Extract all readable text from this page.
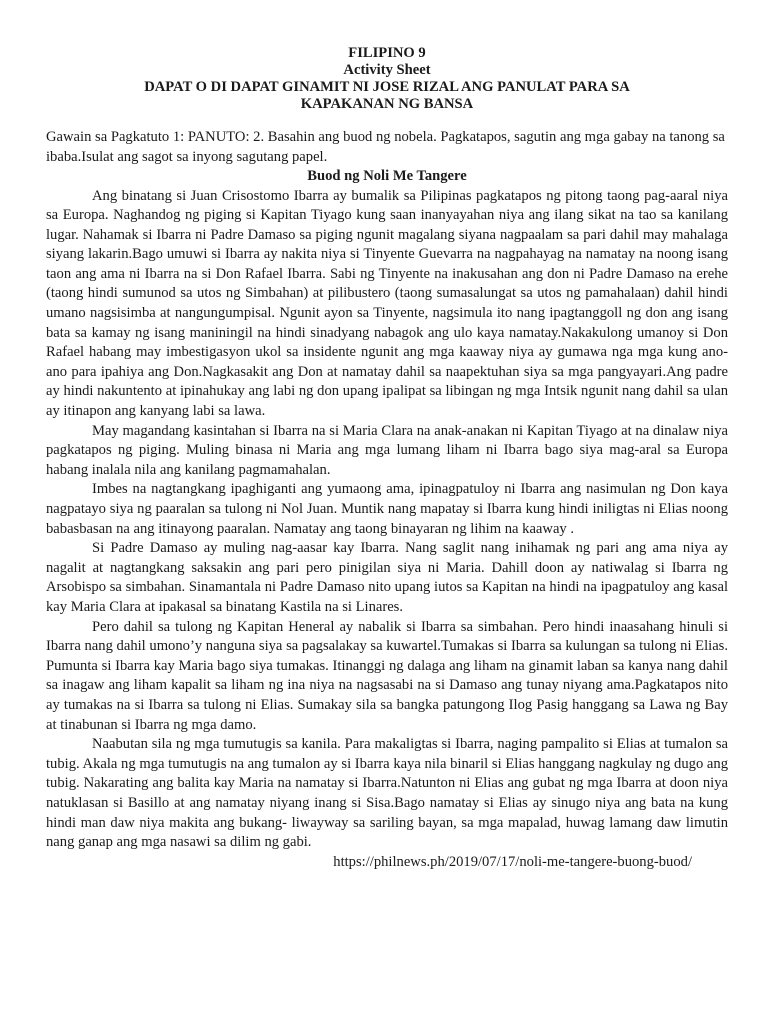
FILIPINO 9
Activity Sheet
DAPAT O DI DAPAT GINAMIT NI JOSE RIZAL ANG PANULAT PARA SA KAPAKANAN NG BANSA
Gawain sa Pagkatuto 1: PANUTO: 2. Basahin ang buod ng nobela. Pagkatapos, sagutin ang mga gabay na tanong sa ibaba.Isulat ang sagot sa inyong sagutang papel.
Buod ng Noli Me Tangere

Ang binatang si Juan Crisostomo Ibarra ay bumalik sa Pilipinas pagkatapos ng pitong taong pag-aaral niya sa Europa. Naghandog ng piging si Kapitan Tiyago kung saan inanyayahan niya ang ilang sikat na tao sa kanilang lugar. Nahamak si Ibarra ni Padre Damaso sa piging ngunit magalang siyana nagpaalam sa pari dahil may mahalaga siyang lakarin.Bago umuwi si Ibarra ay nakita niya si Tinyente Guevarra na nagpahayag na namatay na noong isang taon ang ama ni Ibarra na si Don Rafael Ibarra. Sabi ng Tinyente na inakusahan ang don ni Padre Damaso na erehe (taong hindi sumunod sa utos ng Simbahan) at pilibustero (taong sumasalungat sa utos ng pamahalaan) dahil hindi umano nagsisimba at nangungumpisal. Ngunit ayon sa Tinyente, nagsimula ito nang ipagtanggoll ng don ang isang bata sa kamay ng isang maniningil na hindi sinadyang nabagok ang ulo kaya namatay.Nakakulong umanoy si Don Rafael habang may imbestigasyon ukol sa insidente ngunit ang mga kaaway niya ay gumawa nga mga kung ano- ano para ipahiya ang Don.Nagkasakit ang Don at namatay dahil sa naapektuhan siya sa mga pangyayari.Ang padre ay hindi nakuntento at ipinahukay ang labi ng don upang ipalipat sa libingan ng mga Intsik ngunit nang dahil sa ulan ay itinapon ang kanyang labi sa lawa.

May magandang kasintahan si Ibarra na si Maria Clara na anak-anakan ni Kapitan Tiyago at na dinalaw niya pagkatapos ng piging. Muling binasa ni Maria ang mga lumang liham ni Ibarra bago siya mag-aral sa Europa habang inalala nila ang kanilang pagmamahalan.

Imbes na nagtangkang ipaghiganti ang yumaong ama, ipinagpatuloy ni Ibarra ang nasimulan ng Don kaya nagpatayo siya ng paaralan sa tulong ni Nol Juan. Muntik nang mapatay si Ibarra kung hindi iniligtas ni Elias noong babasbasan na ang itinayong paaralan. Namatay ang taong binayaran ng lihim na kaaway .

Si Padre Damaso ay muling nag-aasar kay Ibarra. Nang saglit nang inihamak ng pari ang ama niya ay nagalit at nagtangkang saksakin ang pari pero pinigilan siya ni Maria. Dahill doon ay natiwalag si Ibarra ng Arsobispo sa simbahan. Sinamantala ni Padre Damaso nito upang iutos sa Kapitan na hindi na ipagpatuloy ang kasal kay Maria Clara at ipakasal sa binatang Kastila na si Linares.

Pero dahil sa tulong ng Kapitan Heneral ay nabalik si Ibarra sa simbahan. Pero hindi inaasahang hinuli si Ibarra nang dahil umono’y nanguna siya sa pagsalakay sa kuwartel.Tumakas si Ibarra sa kulungan sa tulong ni Elias. Pumunta si Ibarra kay Maria bago siya tumakas. Itinanggi ng dalaga ang liham na ginamit laban sa kanya nang dahil sa inagaw ang liham kapalit sa liham ng ina niya na nagsasabi na si Damaso ang tunay niyang ama.Pagkatapos nito ay tumakas na si Ibarra sa tulong ni Elias. Sumakay sila sa bangka patungong Ilog Pasig hanggang sa Lawa ng Bay at tinabunan si Ibarra ng mga damo.

Naabutan sila ng mga tumutugis sa kanila. Para makaligtas si Ibarra, naging pampalito si Elias at tumalon sa tubig. Akala ng mga tumutugis na ang tumalon ay si Ibarra kaya nila binaril si Elias hanggang nagkulay ng dugo ang tubig. Nakarating ang balita kay Maria na namatay si Ibarra.Natunton ni Elias ang gubat ng mga Ibarra at doon niya natuklasan si Basillo at ang namatay niyang inang si Sisa.Bago namatay si Elias ay sinugo niya ang bata na kung hindi man daw niya makita ang bukang- liwayway sa sariling bayan, sa mga mapalad, huwag lamang daw limutin nang ganap ang mga nasawi sa dilim ng gabi.

https://philnews.ph/2019/07/17/noli-me-tangere-buong-buod/
